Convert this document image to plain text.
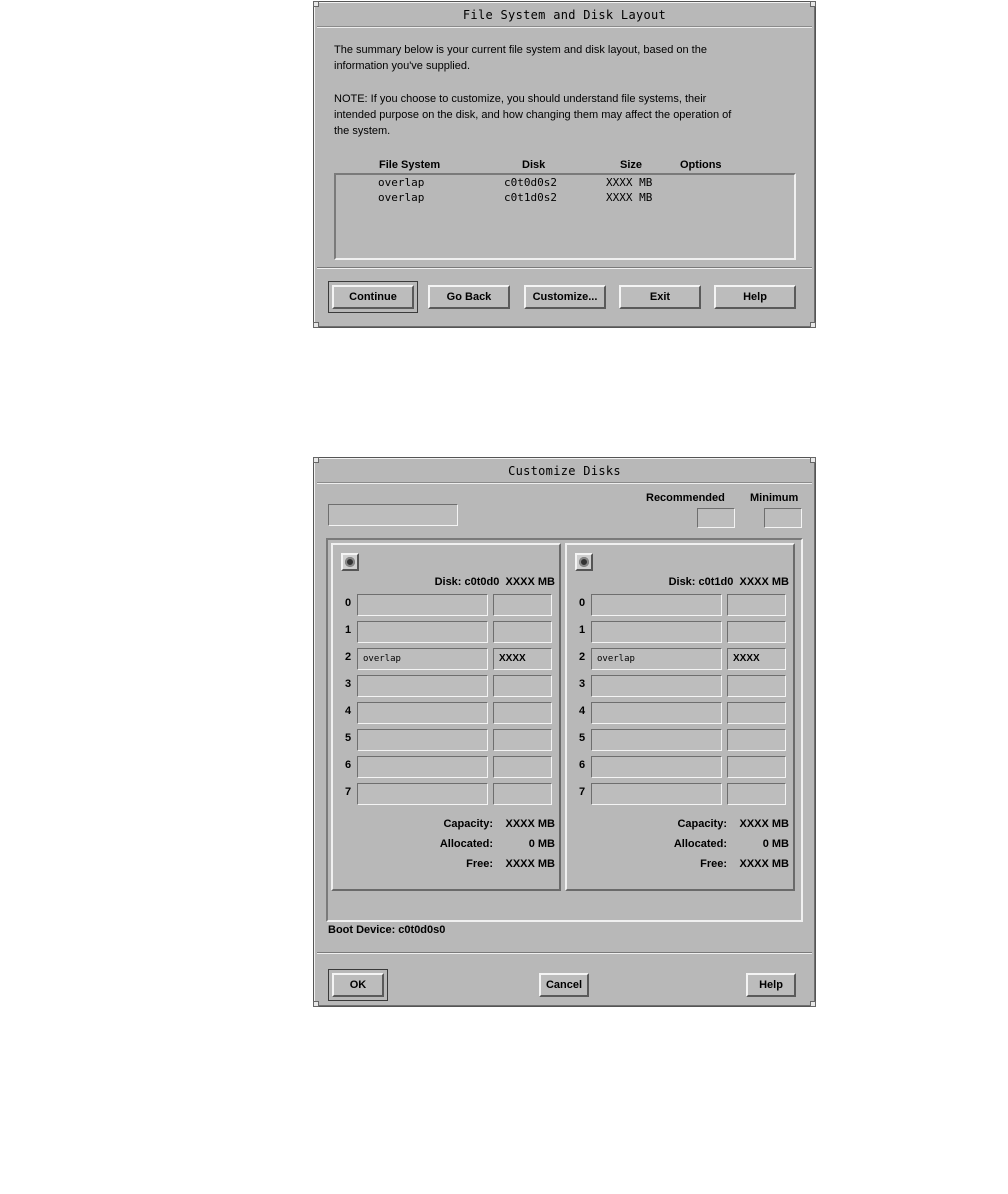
File System and Disk Layout
The summary below is your current file system and disk layout, based on the
information you've supplied.
NOTE: If you choose to customize, you should understand file systems, their
intended purpose on the disk, and how changing them may affect the operation of
the system.
File System	Disk	Size	Options
overlap	c0t0d0s2	XXXX MB
overlap	c0t1d0s2	XXXX MB
Continue	Go Back	Customize...	Exit	Help
Customize Disks
Recommended Minimum
Disk: c0t0d0  XXXX MB
0
1
2	overlap	XXXX
3
4
5
6
7
Capacity: XXXX MB
Allocated:	0 MB
Free: XXXX MB
Disk: c0t1d0  XXXX MB
0
1
2	overlap	XXXX
3
4
5
6
7
Capacity: XXXX MB
Allocated:	0 MB
Free: XXXX MB
Boot Device: c0t0d0s0
OK	Cancel	Help
